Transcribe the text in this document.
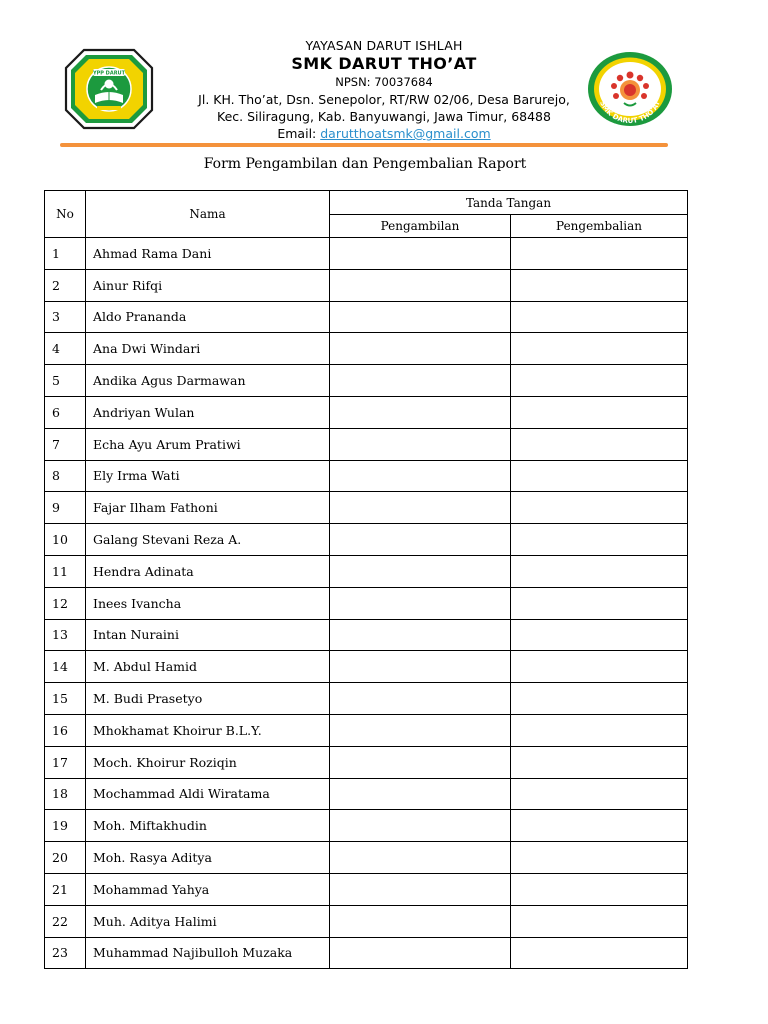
YPP DARUT
YAYASAN DARUT ISHLAH
SMK DARUT THO’AT
NPSN: 70037684
Jl. KH. Tho’at, Dsn. Senepolor, RT/RW 02/06, Desa Barurejo,
Kec. Siliragung, Kab. Banyuwangi, Jawa Timur, 68488
Email: darutthoatsmk@gmail.com
SMK DARUT THO'AT
Form Pengambilan dan Pengembalian Raport
No	Nama	Tanda Tangan	
		Pengambilan	Pengembalian
1	Ahmad Rama Dani		
2	Ainur Rifqi		
3	Aldo Prananda		
4	Ana Dwi Windari		
5	Andika Agus Darmawan		
6	Andriyan Wulan		
7	Echa Ayu Arum Pratiwi		
8	Ely Irma Wati		
9	Fajar Ilham Fathoni		
10	Galang Stevani Reza A.		
11	Hendra Adinata		
12	Inees Ivancha		
13	Intan Nuraini		
14	M. Abdul Hamid		
15	M. Budi Prasetyo		
16	Mhokhamat Khoirur B.L.Y.		
17	Moch. Khoirur Roziqin		
18	Mochammad Aldi Wiratama		
19	Moh. Miftakhudin		
20	Moh. Rasya Aditya		
21	Mohammad Yahya		
22	Muh. Aditya Halimi		
23	Muhammad Najibulloh Muzaka		
